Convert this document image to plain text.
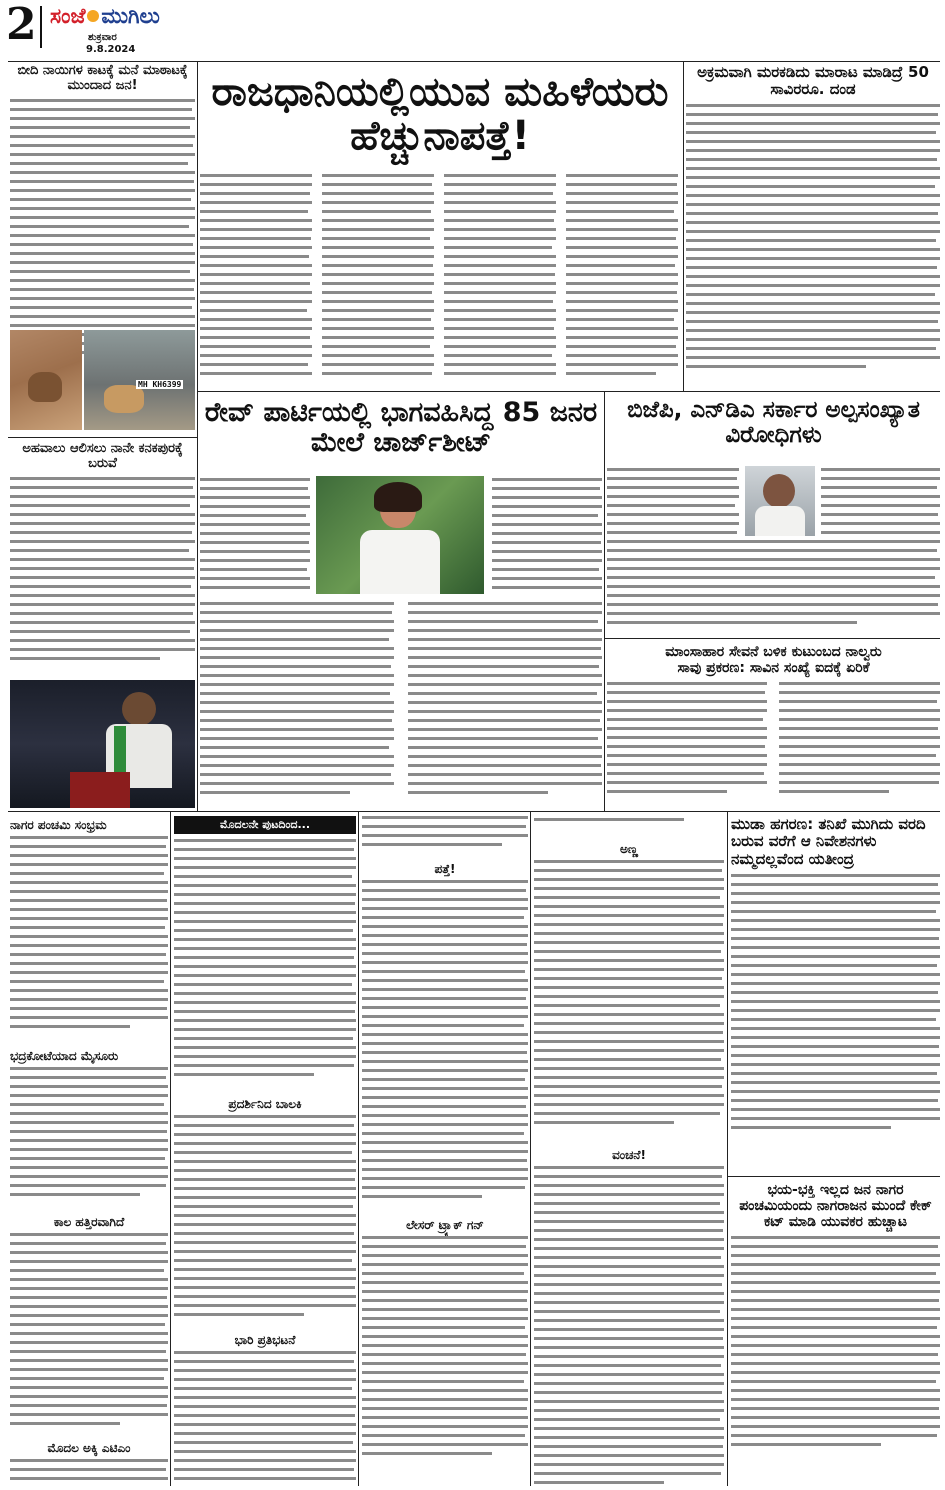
2 ಸಂಜೆ ಮುಗಿಲು
ಶುಕ್ರವಾರ
9.8.2024
ಬೀದಿ ನಾಯಿಗಳ ಕಾಟಕ್ಕೆ ಮನೆ ಮಾಠಾಟಕ್ಕೆ ಮುಂದಾದ ಜನ!
MH KH6399
ಅಹವಾಲು ಆಲಿಸಲು ನಾನೇ ಕನಕಪುರಕ್ಕೆ ಬರುವೆ
ರಾಜಧಾನಿಯಲ್ಲಿಯುವ ಮಹಿಳೆಯರು ಹೆಚ್ಚುನಾಪತ್ತೆ!
ಅಕ್ರಮವಾಗಿ ಮರಕಡಿದು ಮಾರಾಟ ಮಾಡಿದ್ರೆ 50 ಸಾವಿರರೂ. ದಂಡ
ರೇವ್ ಪಾರ್ಟಿಯಲ್ಲಿ ಭಾಗವಹಿಸಿದ್ದ 85 ಜನರ ಮೇಲೆ ಚಾರ್ಜ್‌ಶೀಟ್
ಬಿಜೆಪಿ, ಎನ್‌ಡಿಎ ಸರ್ಕಾರ ಅಲ್ಪಸಂಖ್ಯಾತ ವಿರೋಧಿಗಳು
ಮಾಂಸಾಹಾರ ಸೇವನೆ ಬಳಿಕ ಕುಟುಂಬದ ನಾಲ್ವರು
ಸಾವು ಪ್ರಕರಣ: ಸಾವಿನ ಸಂಖ್ಯೆ ಐದಕ್ಕೆ ಏರಿಕೆ
ನಾಗರ ಪಂಚಮಿ ಸಂಭ್ರಮ
ಭದ್ರಕೋಟೆಯಾದ ಮೈಸೂರು
ಕಾಲ ಹತ್ತಿರವಾಗಿದೆ
ಮೊದಲ ಅಕ್ಕಿ ಎಟಿಎಂ
ಮೊದಲನೇ ಪುಟದಿಂದ...
ಪ್ರದರ್ಶಿನಿದ ಬಾಲಕಿ
ಭಾರಿ ಪ್ರತಿಭಟನೆ
ಪತ್ತೆ!
ಲೇಸರ್ ಟ್ರ್ಯಾಕ್ ಗನ್
ಅಣ್ಣ
ವಂಚನೆ!
ಮುಡಾ ಹಗರಣ: ತನಿಖೆ ಮುಗಿದು ವರದಿ ಬರುವ ವರೆಗೆ ಆ ನಿವೇಶನಗಳು ನಮ್ಮದಲ್ಲವೆಂದ ಯತೀಂದ್ರ
ಭಯ-ಭಕ್ತಿ ಇಲ್ಲದ ಜನ ನಾಗರ ಪಂಚಮಿಯಂದು ನಾಗರಾಜನ ಮುಂದೆ ಕೇಕ್ ಕಟ್ ಮಾಡಿ ಯುವಕರ ಹುಚ್ಚಾಟ
